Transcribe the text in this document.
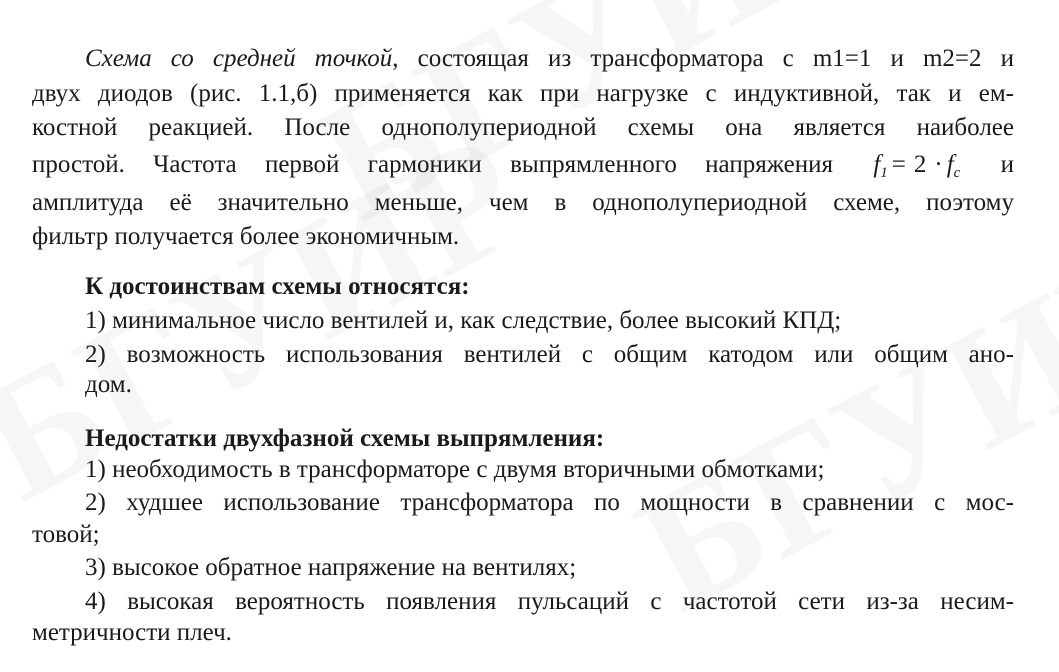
Схема со средней точкой, состоящая из трансформатора с m1=1 и m2=2 и
двух диодов (рис. 1.1,б) применяется как при нагрузке с индуктивной, так и ем-
костной реакцией. После однополупериодной схемы она является наиболее
простой. Частота первой гармоники выпрямленного напряжения $f_1 = 2 \cdot f_c$ и
амплитуда её значительно меньше, чем в однополупериодной схеме, поэтому
фильтр получается более экономичным.
К достоинствам схемы относятся:
1) минимальное число вентилей и, как следствие, более высокий КПД;
2) возможность использования вентилей с общим катодом или общим ано-
дом.
Недостатки двухфазной схемы выпрямления:
1) необходимость в трансформаторе с двумя вторичными обмотками;
2) худшее использование трансформатора по мощности в сравнении с мос-
товой;
3) высокое обратное напряжение на вентилях;
4) высокая вероятность появления пульсаций с частотой сети из-за несим-
метричности плеч.
